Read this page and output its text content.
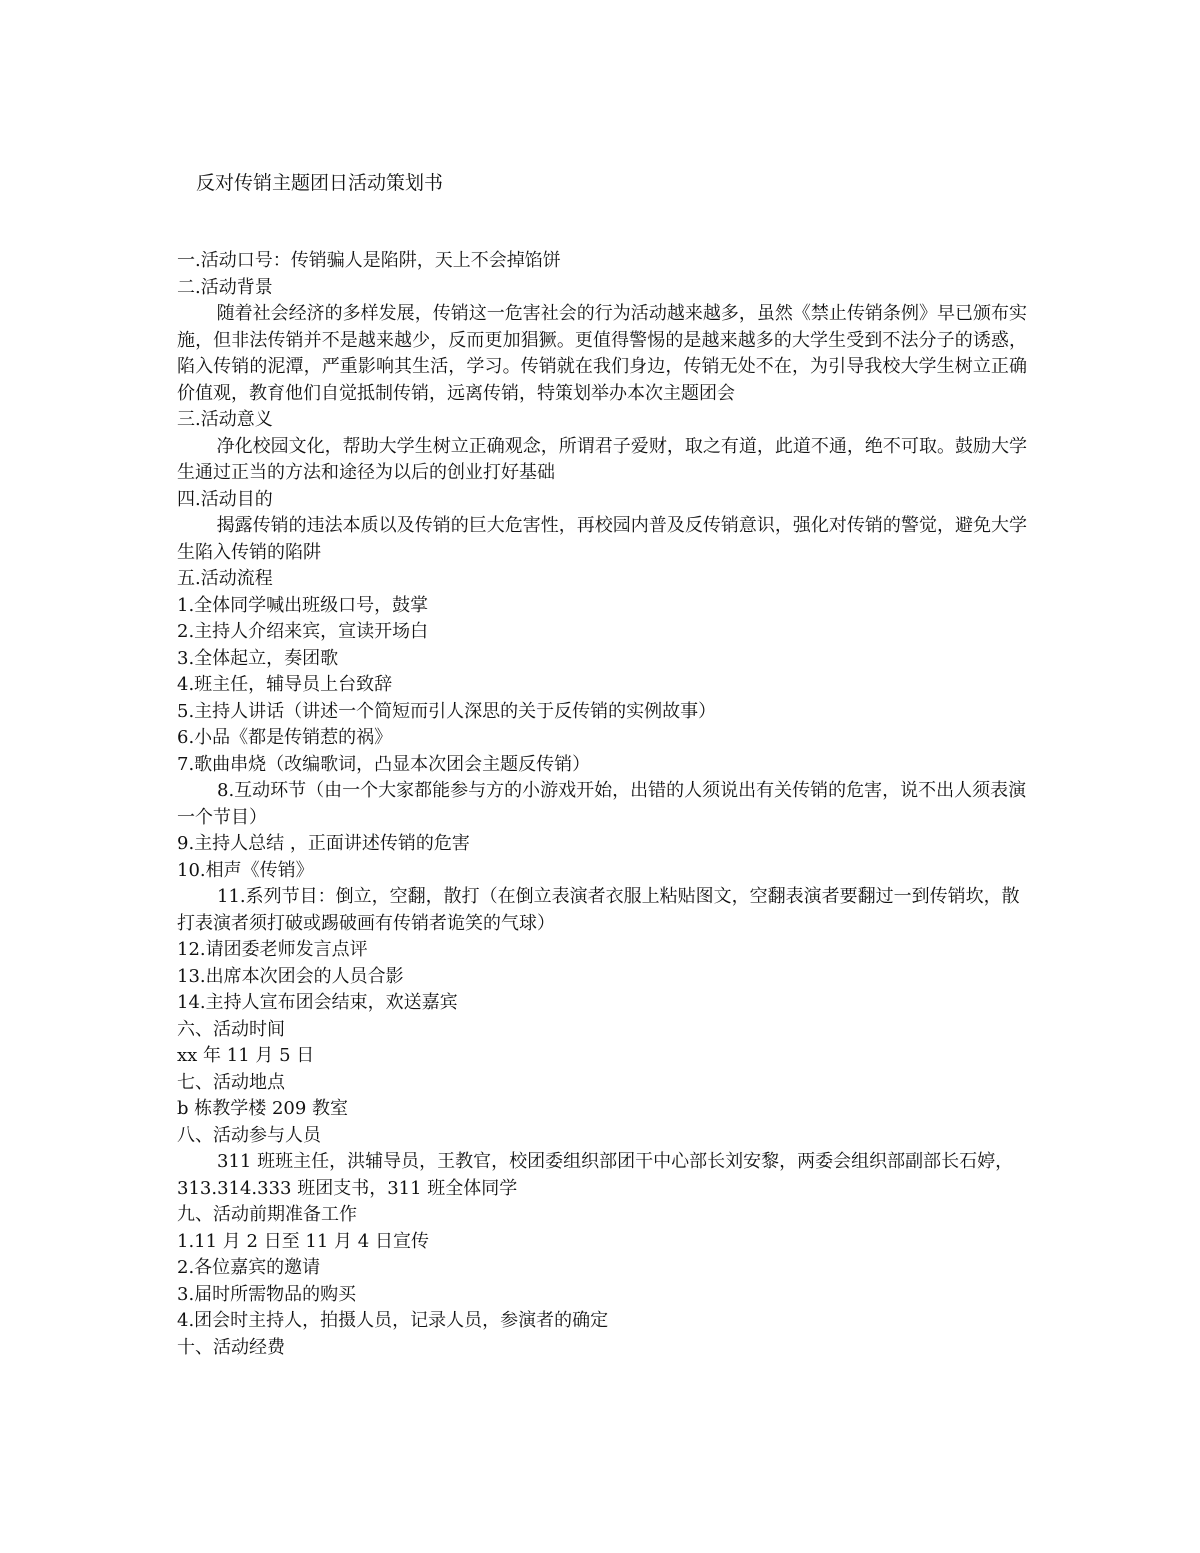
反对传销主题团日活动策划书

一.活动口号：传销骗人是陷阱，天上不会掉馅饼

二.活动背景

随着社会经济的多样发展，传销这一危害社会的行为活动越来越多，虽然《禁止传销条例》早已颁布实施，但非法传销并不是越来越少，反而更加猖獗。更值得警惕的是越来越多的大学生受到不法分子的诱惑，陷入传销的泥潭，严重影响其生活，学习。传销就在我们身边，传销无处不在，为引导我校大学生树立正确价值观，教育他们自觉抵制传销，远离传销，特策划举办本次主题团会

三.活动意义

净化校园文化，帮助大学生树立正确观念，所谓君子爱财，取之有道，此道不通，绝不可取。鼓励大学生通过正当的方法和途径为以后的创业打好基础

四.活动目的

揭露传销的违法本质以及传销的巨大危害性，再校园内普及反传销意识，强化对传销的警觉，避免大学生陷入传销的陷阱

五.活动流程

1.全体同学喊出班级口号，鼓掌

2.主持人介绍来宾，宣读开场白

3.全体起立，奏团歌

4.班主任，辅导员上台致辞

5.主持人讲话（讲述一个简短而引人深思的关于反传销的实例故事）

6.小品《都是传销惹的祸》

7.歌曲串烧（改编歌词，凸显本次团会主题反传销）

8.互动环节（由一个大家都能参与方的小游戏开始，出错的人须说出有关传销的危害，说不出人须表演一个节目）

9.主持人总结 ，正面讲述传销的危害

10.相声《传销》

11.系列节目：倒立，空翻，散打（在倒立表演者衣服上粘贴图文，空翻表演者要翻过一到传销坎，散打表演者须打破或踢破画有传销者诡笑的气球）

12.请团委老师发言点评

13.出席本次团会的人员合影

14.主持人宣布团会结束，欢送嘉宾

六、活动时间

xx 年 11 月 5 日

七、活动地点

b 栋教学楼 209 教室

八、活动参与人员

311 班班主任，洪辅导员，王教官，校团委组织部团干中心部长刘安黎，两委会组织部副部长石婷，313.314.333 班团支书，311 班全体同学

九、活动前期准备工作

1.11 月 2 日至 11 月 4 日宣传

2.各位嘉宾的邀请

3.届时所需物品的购买

4.团会时主持人，拍摄人员，记录人员，参演者的确定

十、活动经费
